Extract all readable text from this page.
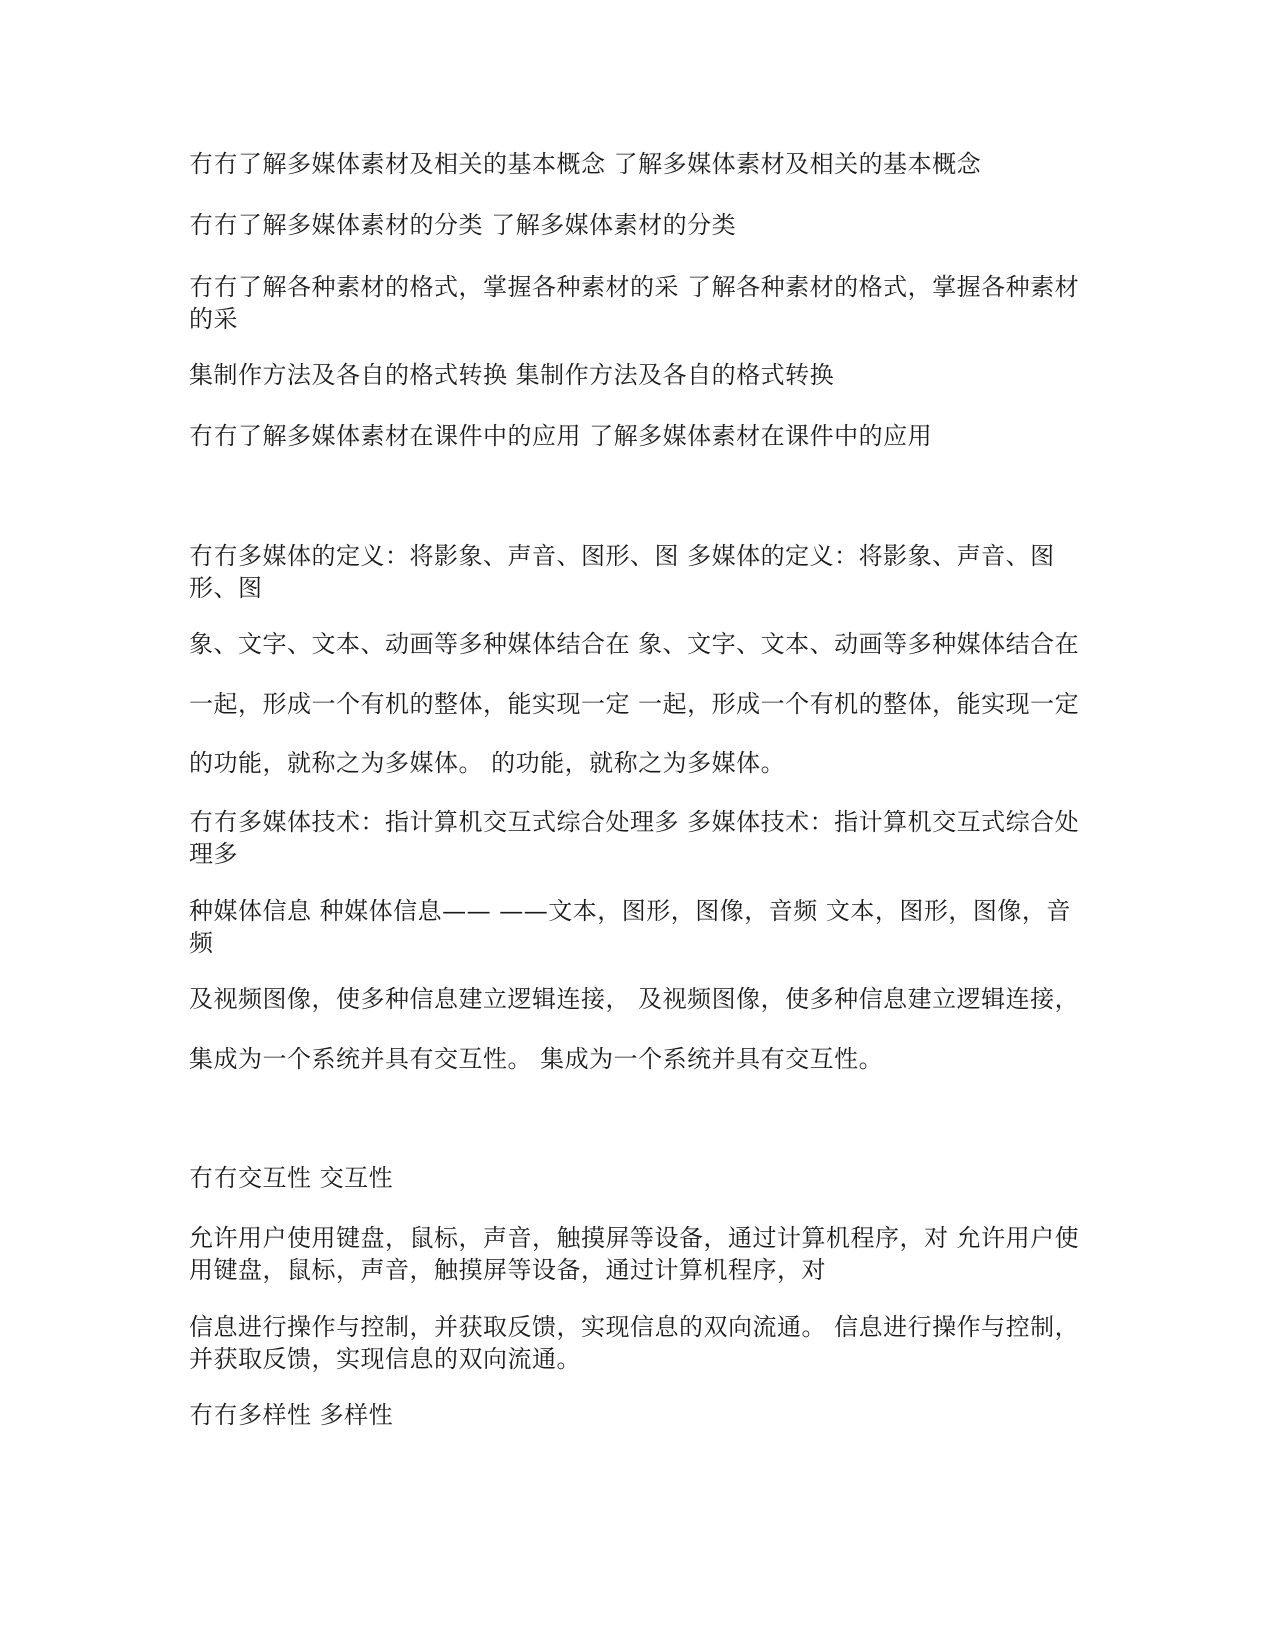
冇冇了解多媒体素材及相关的基本概念 了解多媒体素材及相关的基本概念
冇冇了解多媒体素材的分类 了解多媒体素材的分类
冇冇了解各种素材的格式，掌握各种素材的采 了解各种素材的格式，掌握各种素材的采
集制作方法及各自的格式转换 集制作方法及各自的格式转换
冇冇了解多媒体素材在课件中的应用 了解多媒体素材在课件中的应用
冇冇多媒体的定义：将影象、声音、图形、图 多媒体的定义：将影象、声音、图形、图
象、文字、文本、动画等多种媒体结合在 象、文字、文本、动画等多种媒体结合在
一起，形成一个有机的整体，能实现一定 一起，形成一个有机的整体，能实现一定
的功能，就称之为多媒体。 的功能，就称之为多媒体。
冇冇多媒体技术：指计算机交互式综合处理多 多媒体技术：指计算机交互式综合处理多
种媒体信息 种媒体信息—— ——文本，图形，图像，音频 文本，图形，图像，音频
及视频图像，使多种信息建立逻辑连接， 及视频图像，使多种信息建立逻辑连接，
集成为一个系统并具有交互性。 集成为一个系统并具有交互性。
冇冇交互性 交互性
允许用户使用键盘，鼠标，声音，触摸屏等设备，通过计算机程序，对 允许用户使用键盘，鼠标，声音，触摸屏等设备，通过计算机程序，对
信息进行操作与控制，并获取反馈，实现信息的双向流通。 信息进行操作与控制，并获取反馈，实现信息的双向流通。
冇冇多样性 多样性
